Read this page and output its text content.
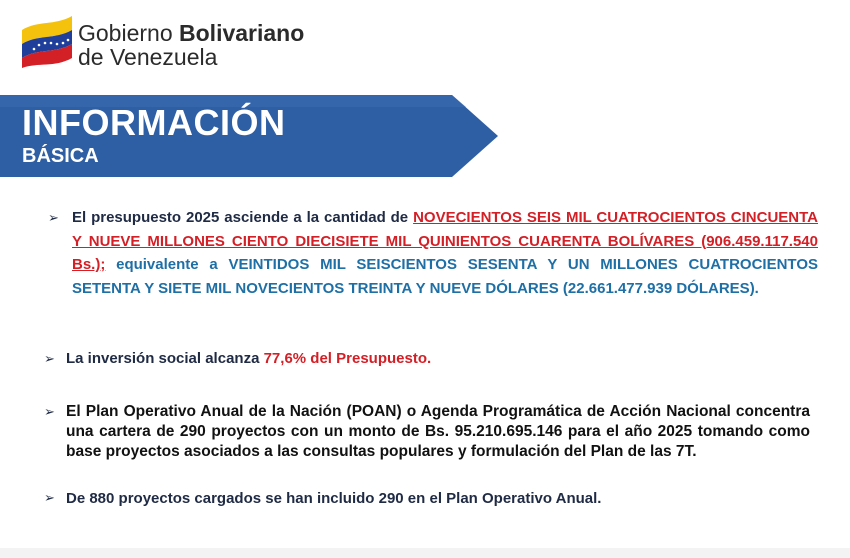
Gobierno Bolivariano
de Venezuela
INFORMACIÓN
BÁSICA
➢ El presupuesto 2025 asciende a la cantidad de NOVECIENTOS SEIS MIL CUATROCIENTOS CINCUENTA Y NUEVE MILLONES CIENTO DIECISIETE MIL QUINIENTOS CUARENTA BOLÍVARES (906.459.117.540 Bs.); equivalente a VEINTIDOS MIL SEISCIENTOS SESENTA Y UN MILLONES CUATROCIENTOS SETENTA Y SIETE MIL NOVECIENTOS TREINTA Y NUEVE DÓLARES (22.661.477.939 DÓLARES).
➢ La inversión social alcanza 77,6% del Presupuesto.
➢ El Plan Operativo Anual de la Nación (POAN) o Agenda Programática de Acción Nacional concentra una cartera de 290 proyectos con un monto de Bs. 95.210.695.146 para el año 2025 tomando como base proyectos asociados a las consultas populares y formulación del Plan de las 7T.
➢ De 880 proyectos cargados se han incluido 290 en el Plan Operativo Anual.
